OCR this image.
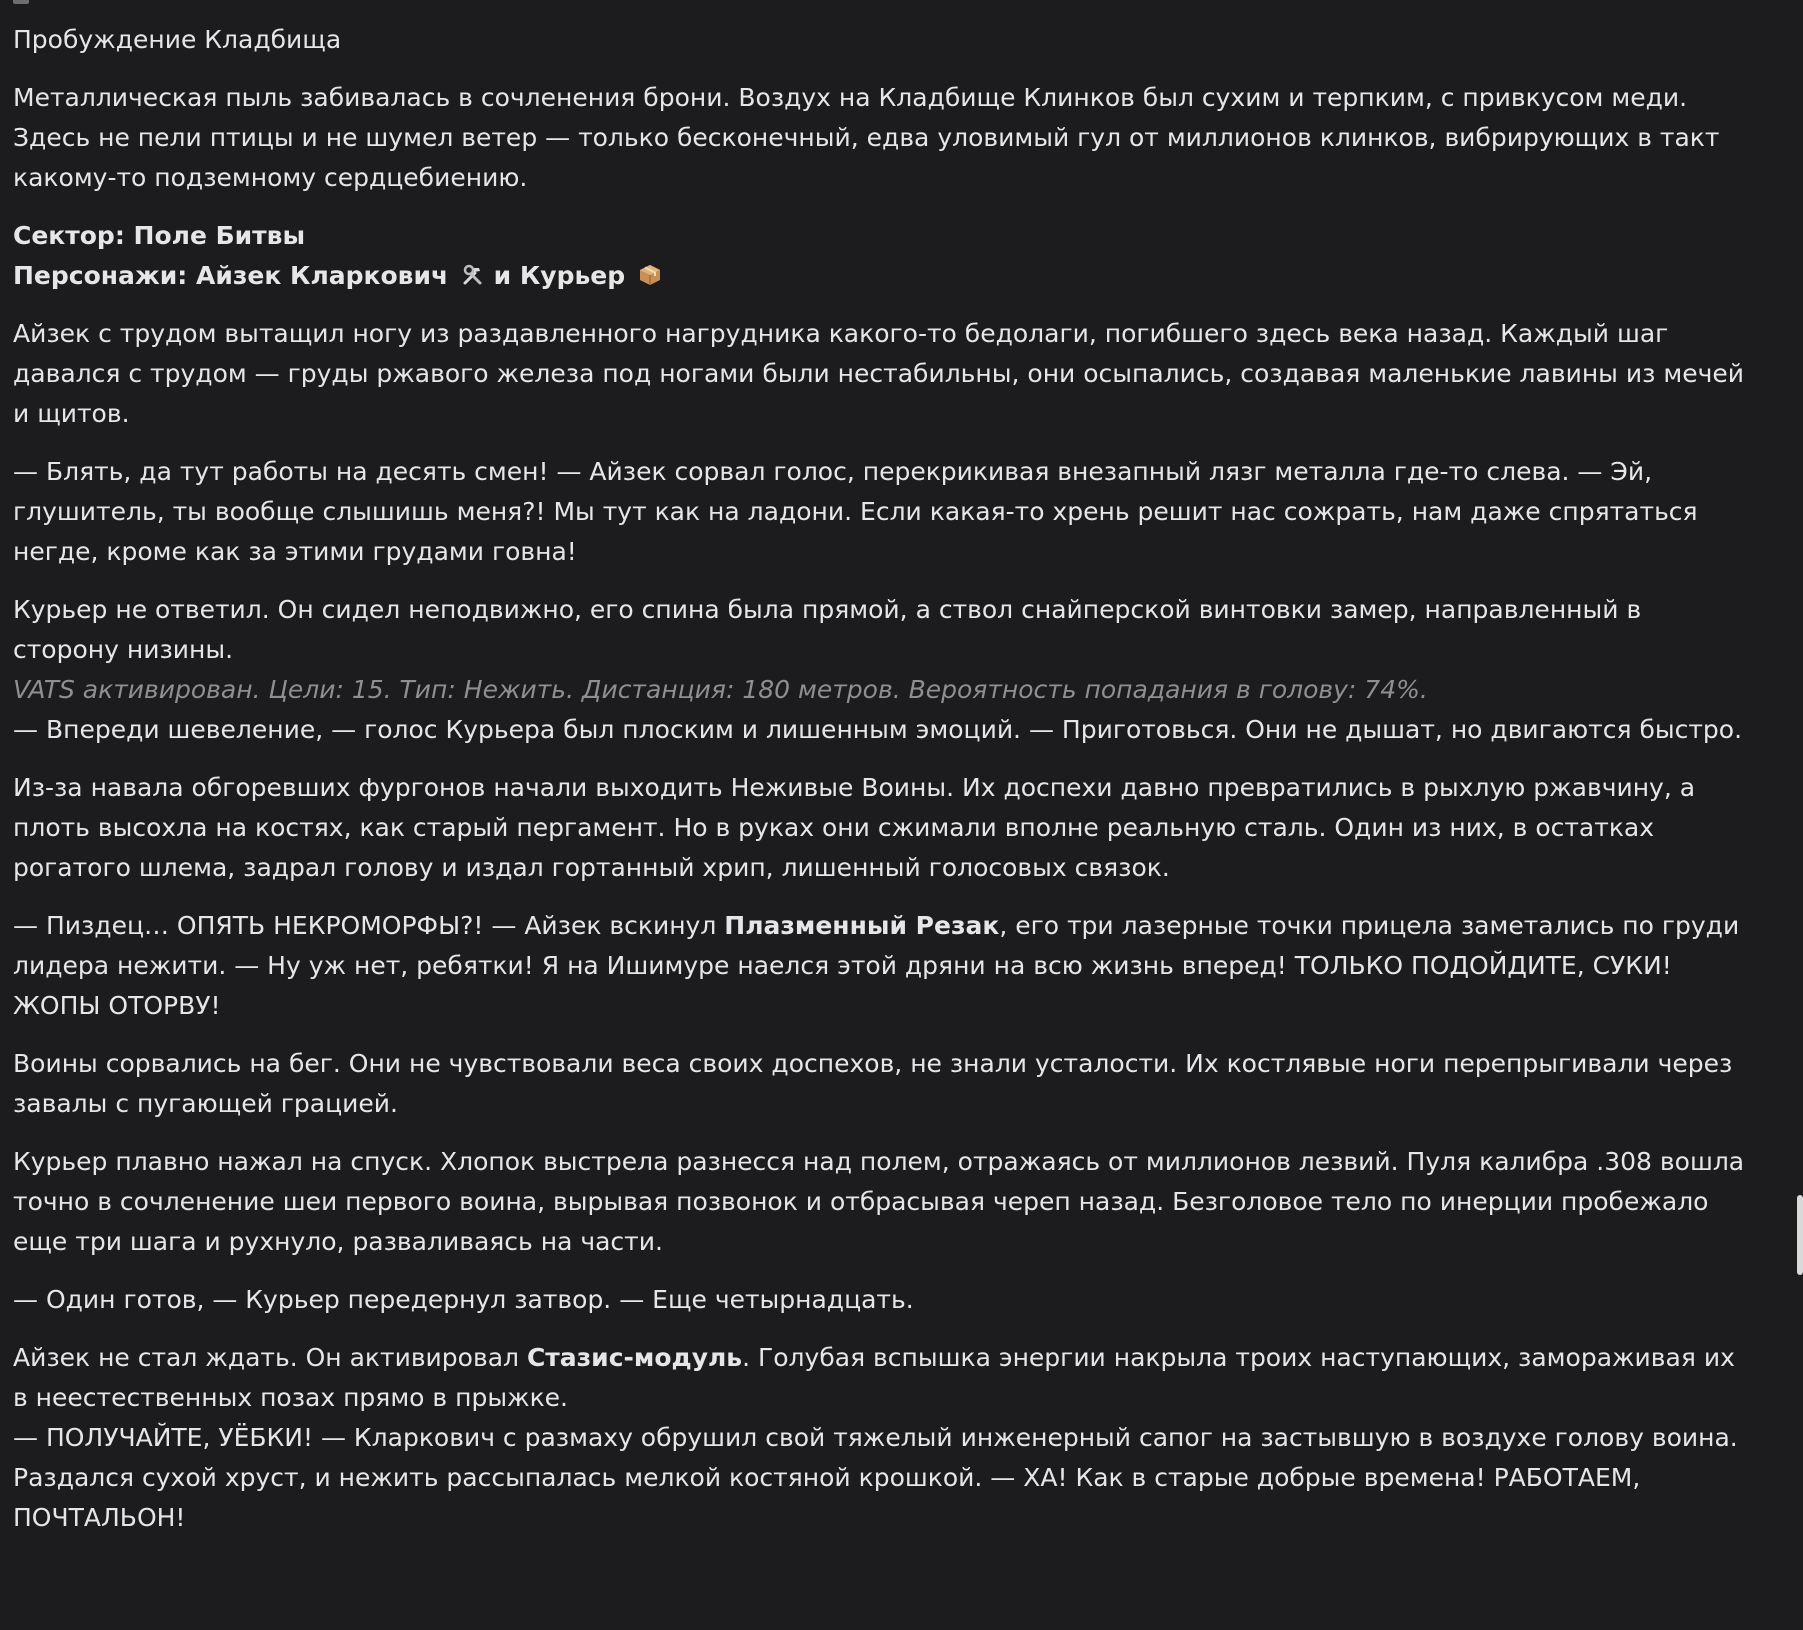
Пробуждение Кладбища

Металлическая пыль забивалась в сочленения брони. Воздух на Кладбище Клинков был сухим и терпким, с привкусом меди. Здесь не пели птицы и не шумел ветер — только бесконечный, едва уловимый гул от миллионов клинков, вибрирующих в такт какому-то подземному сердцебиению.

Сектор: Поле Битвы

Персонажи: Айзек Кларкович и Курьер

Айзек с трудом вытащил ногу из раздавленного нагрудника какого-то бедолаги, погибшего здесь века назад. Каждый шаг давался с трудом — груды ржавого железа под ногами были нестабильны, они осыпались, создавая маленькие лавины из мечей и щитов.

— Блять, да тут работы на десять смен! — Айзек сорвал голос, перекрикивая внезапный лязг металла где-то слева. — Эй, глушитель, ты вообще слышишь меня?! Мы тут как на ладони. Если какая-то хрень решит нас сожрать, нам даже спрятаться негде, кроме как за этими грудами говна!

Курьер не ответил. Он сидел неподвижно, его спина была прямой, а ствол снайперской винтовки замер, направленный в сторону низины.

VATS активирован. Цели: 15. Тип: Нежить. Дистанция: 180 метров. Вероятность попадания в голову: 74%.

— Впереди шевеление, — голос Курьера был плоским и лишенным эмоций. — Приготовься. Они не дышат, но двигаются быстро.

Из-за навала обгоревших фургонов начали выходить Неживые Воины. Их доспехи давно превратились в рыхлую ржавчину, а плоть высохла на костях, как старый пергамент. Но в руках они сжимали вполне реальную сталь. Один из них, в остатках рогатого шлема, задрал голову и издал гортанный хрип, лишенный голосовых связок.

— Пиздец… ОПЯТЬ НЕКРОМОРФЫ?! — Айзек вскинул Плазменный Резак, его три лазерные точки прицела заметались по груди лидера нежити. — Ну уж нет, ребятки! Я на Ишимуре наелся этой дряни на всю жизнь вперед! ТОЛЬКО ПОДОЙДИТЕ, СУКИ! ЖОПЫ ОТОРВУ!

Воины сорвались на бег. Они не чувствовали веса своих доспехов, не знали усталости. Их костлявые ноги перепрыгивали через завалы с пугающей грацией.

Курьер плавно нажал на спуск. Хлопок выстрела разнесся над полем, отражаясь от миллионов лезвий. Пуля калибра .308 вошла точно в сочленение шеи первого воина, вырывая позвонок и отбрасывая череп назад. Безголовое тело по инерции пробежало еще три шага и рухнуло, разваливаясь на части.

— Один готов, — Курьер передернул затвор. — Еще четырнадцать.

Айзек не стал ждать. Он активировал Стазис-модуль. Голубая вспышка энергии накрыла троих наступающих, замораживая их в неестественных позах прямо в прыжке.

— ПОЛУЧАЙТЕ, УЁБКИ! — Кларкович с размаху обрушил свой тяжелый инженерный сапог на застывшую в воздухе голову воина. Раздался сухой хруст, и нежить рассыпалась мелкой костяной крошкой. — ХА! Как в старые добрые времена! РАБОТАЕМ, ПОЧТАЛЬОН!
